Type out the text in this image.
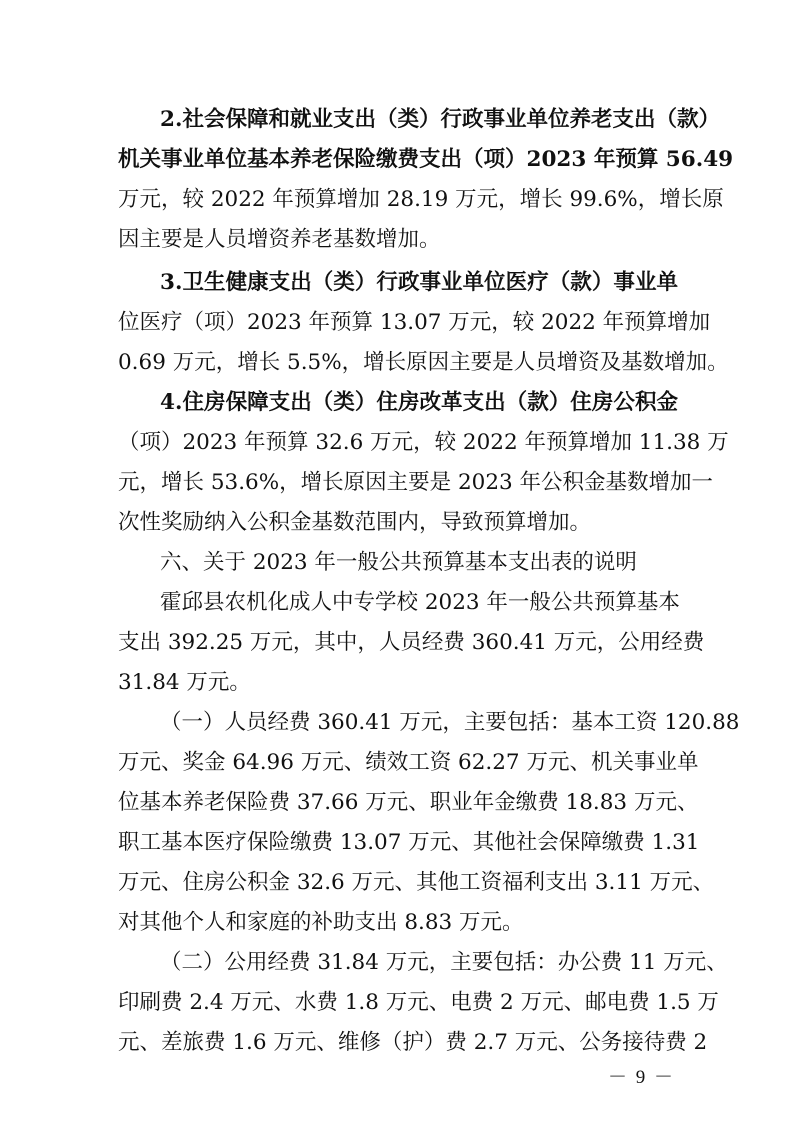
2.社会保障和就业支出（类）行政事业单位养老支出（款）
机关事业单位基本养老保险缴费支出（项）2023 年预算 56.49
万元，较 2022 年预算增加 28.19 万元，增长 99.6%，增长原
因主要是人员增资养老基数增加。
3.卫生健康支出（类）行政事业单位医疗（款）事业单
位医疗（项）2023 年预算 13.07 万元，较 2022 年预算增加
0.69 万元，增长 5.5%，增长原因主要是人员增资及基数增加。
4.住房保障支出（类）住房改革支出（款）住房公积金
（项）2023 年预算 32.6 万元，较 2022 年预算增加 11.38 万
元，增长 53.6%，增长原因主要是 2023 年公积金基数增加一
次性奖励纳入公积金基数范围内，导致预算增加。
六、关于 2023 年一般公共预算基本支出表的说明
霍邱县农机化成人中专学校 2023 年一般公共预算基本
支出 392.25 万元，其中，人员经费 360.41 万元，公用经费
31.84 万元。
（一）人员经费 360.41 万元，主要包括：基本工资 120.88
万元、奖金 64.96 万元、绩效工资 62.27 万元、机关事业单
位基本养老保险费 37.66 万元、职业年金缴费 18.83 万元、
职工基本医疗保险缴费 13.07 万元、其他社会保障缴费 1.31
万元、住房公积金 32.6 万元、其他工资福利支出 3.11 万元、
对其他个人和家庭的补助支出 8.83 万元。
（二）公用经费 31.84 万元，主要包括：办公费 11 万元、
印刷费 2.4 万元、水费 1.8 万元、电费 2 万元、邮电费 1.5 万
元、差旅费 1.6 万元、维修（护）费 2.7 万元、公务接待费 2
－ 9 －
